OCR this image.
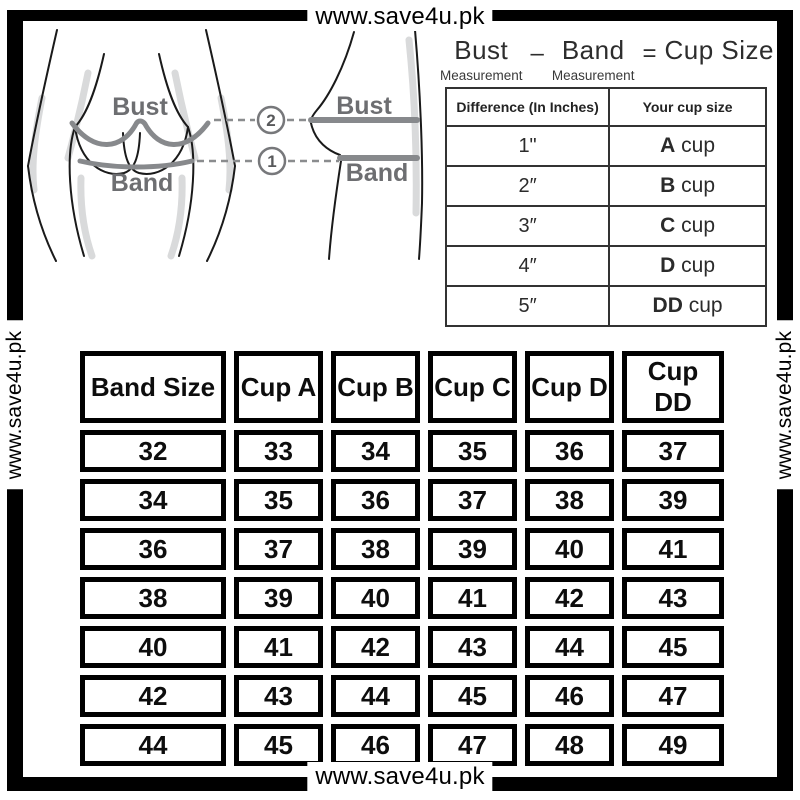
www.save4u.pk
www.save4u.pk
www.save4u.pk	www.save4u.pk
2
1
Bust
Band
Bust
Band
Bust
Measurement
– Band
Measurement
= Cup Size
Difference (In Inches)	Your cup size
1"	A cup
2″	B cup
3″	C cup
4″	D cup
5″	DD cup
Band Size	Cup A	Cup B	Cup C	Cup D	Cup DD
32	33	34	35	36	37
34	35	36	37	38	39
36	37	38	39	40	41
38	39	40	41	42	43
40	41	42	43	44	45
42	43	44	45	46	47
44	45	46	47	48	49
